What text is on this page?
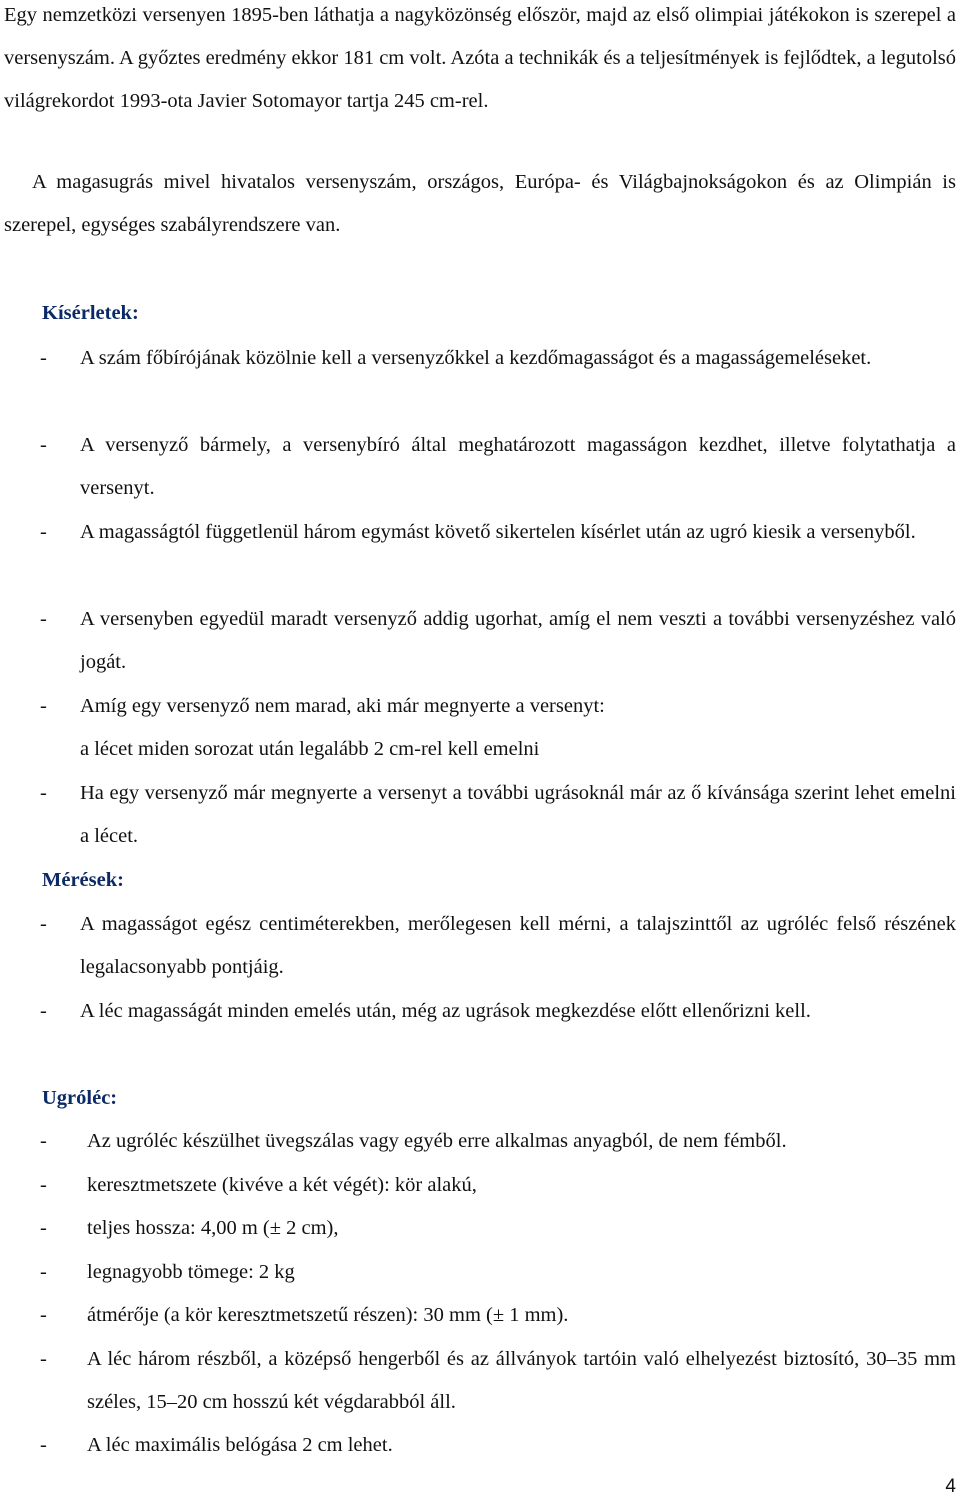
Egy nemzetközi versenyen 1895-ben láthatja a nagyközönség először, majd az első olimpiai játékokon is szerepel a versenyszám. A győztes eredmény ekkor 181 cm volt. Azóta a technikák és a teljesítmények is fejlődtek, a legutolsó világrekordot 1993-ota Javier Sotomayor tartja 245 cm-rel.

A magasugrás mivel hivatalos versenyszám, országos, Európa- és Világbajnokságokon és az Olimpián is szerepel, egységes szabályrendszere van.

Kísérletek:

- A szám főbírójának közölnie kell a versenyzőkkel a kezdőmagasságot és a magasságemeléseket.
- A versenyző bármely, a versenybíró által meghatározott magasságon kezdhet, illetve folytathatja a versenyt.
- A magasságtól függetlenül három egymást követő sikertelen kísérlet után az ugró kiesik a versenyből.
- A versenyben egyedül maradt versenyző addig ugorhat, amíg el nem veszti a további versenyzéshez való jogát.
- Amíg egy versenyző nem marad, aki már megnyerte a versenyt:
a lécet miden sorozat után legalább 2 cm-rel kell emelni
- Ha egy versenyző már megnyerte a versenyt a további ugrásoknál már az ő kívánsága szerint lehet emelni a lécet.

Mérések:

- A magasságot egész centiméterekben, merőlegesen kell mérni, a talajszinttől az ugróléc felső részének legalacsonyabb pontjáig.
- A léc magasságát minden emelés után, még az ugrások megkezdése előtt ellenőrizni kell.

Ugróléc:

- Az ugróléc készülhet üvegszálas vagy egyéb erre alkalmas anyagból, de nem fémből.
- keresztmetszete (kivéve a két végét): kör alakú,
- teljes hossza: 4,00 m (± 2 cm),
- legnagyobb tömege: 2 kg
- átmérője (a kör keresztmetszetű részen): 30 mm (± 1 mm).
- A léc három részből, a középső hengerből és az állványok tartóin való elhelyezést biztosító, 30–35 mm széles, 15–20 cm hosszú két végdarabból áll.
- A léc maximális belógása 2 cm lehet.
4
